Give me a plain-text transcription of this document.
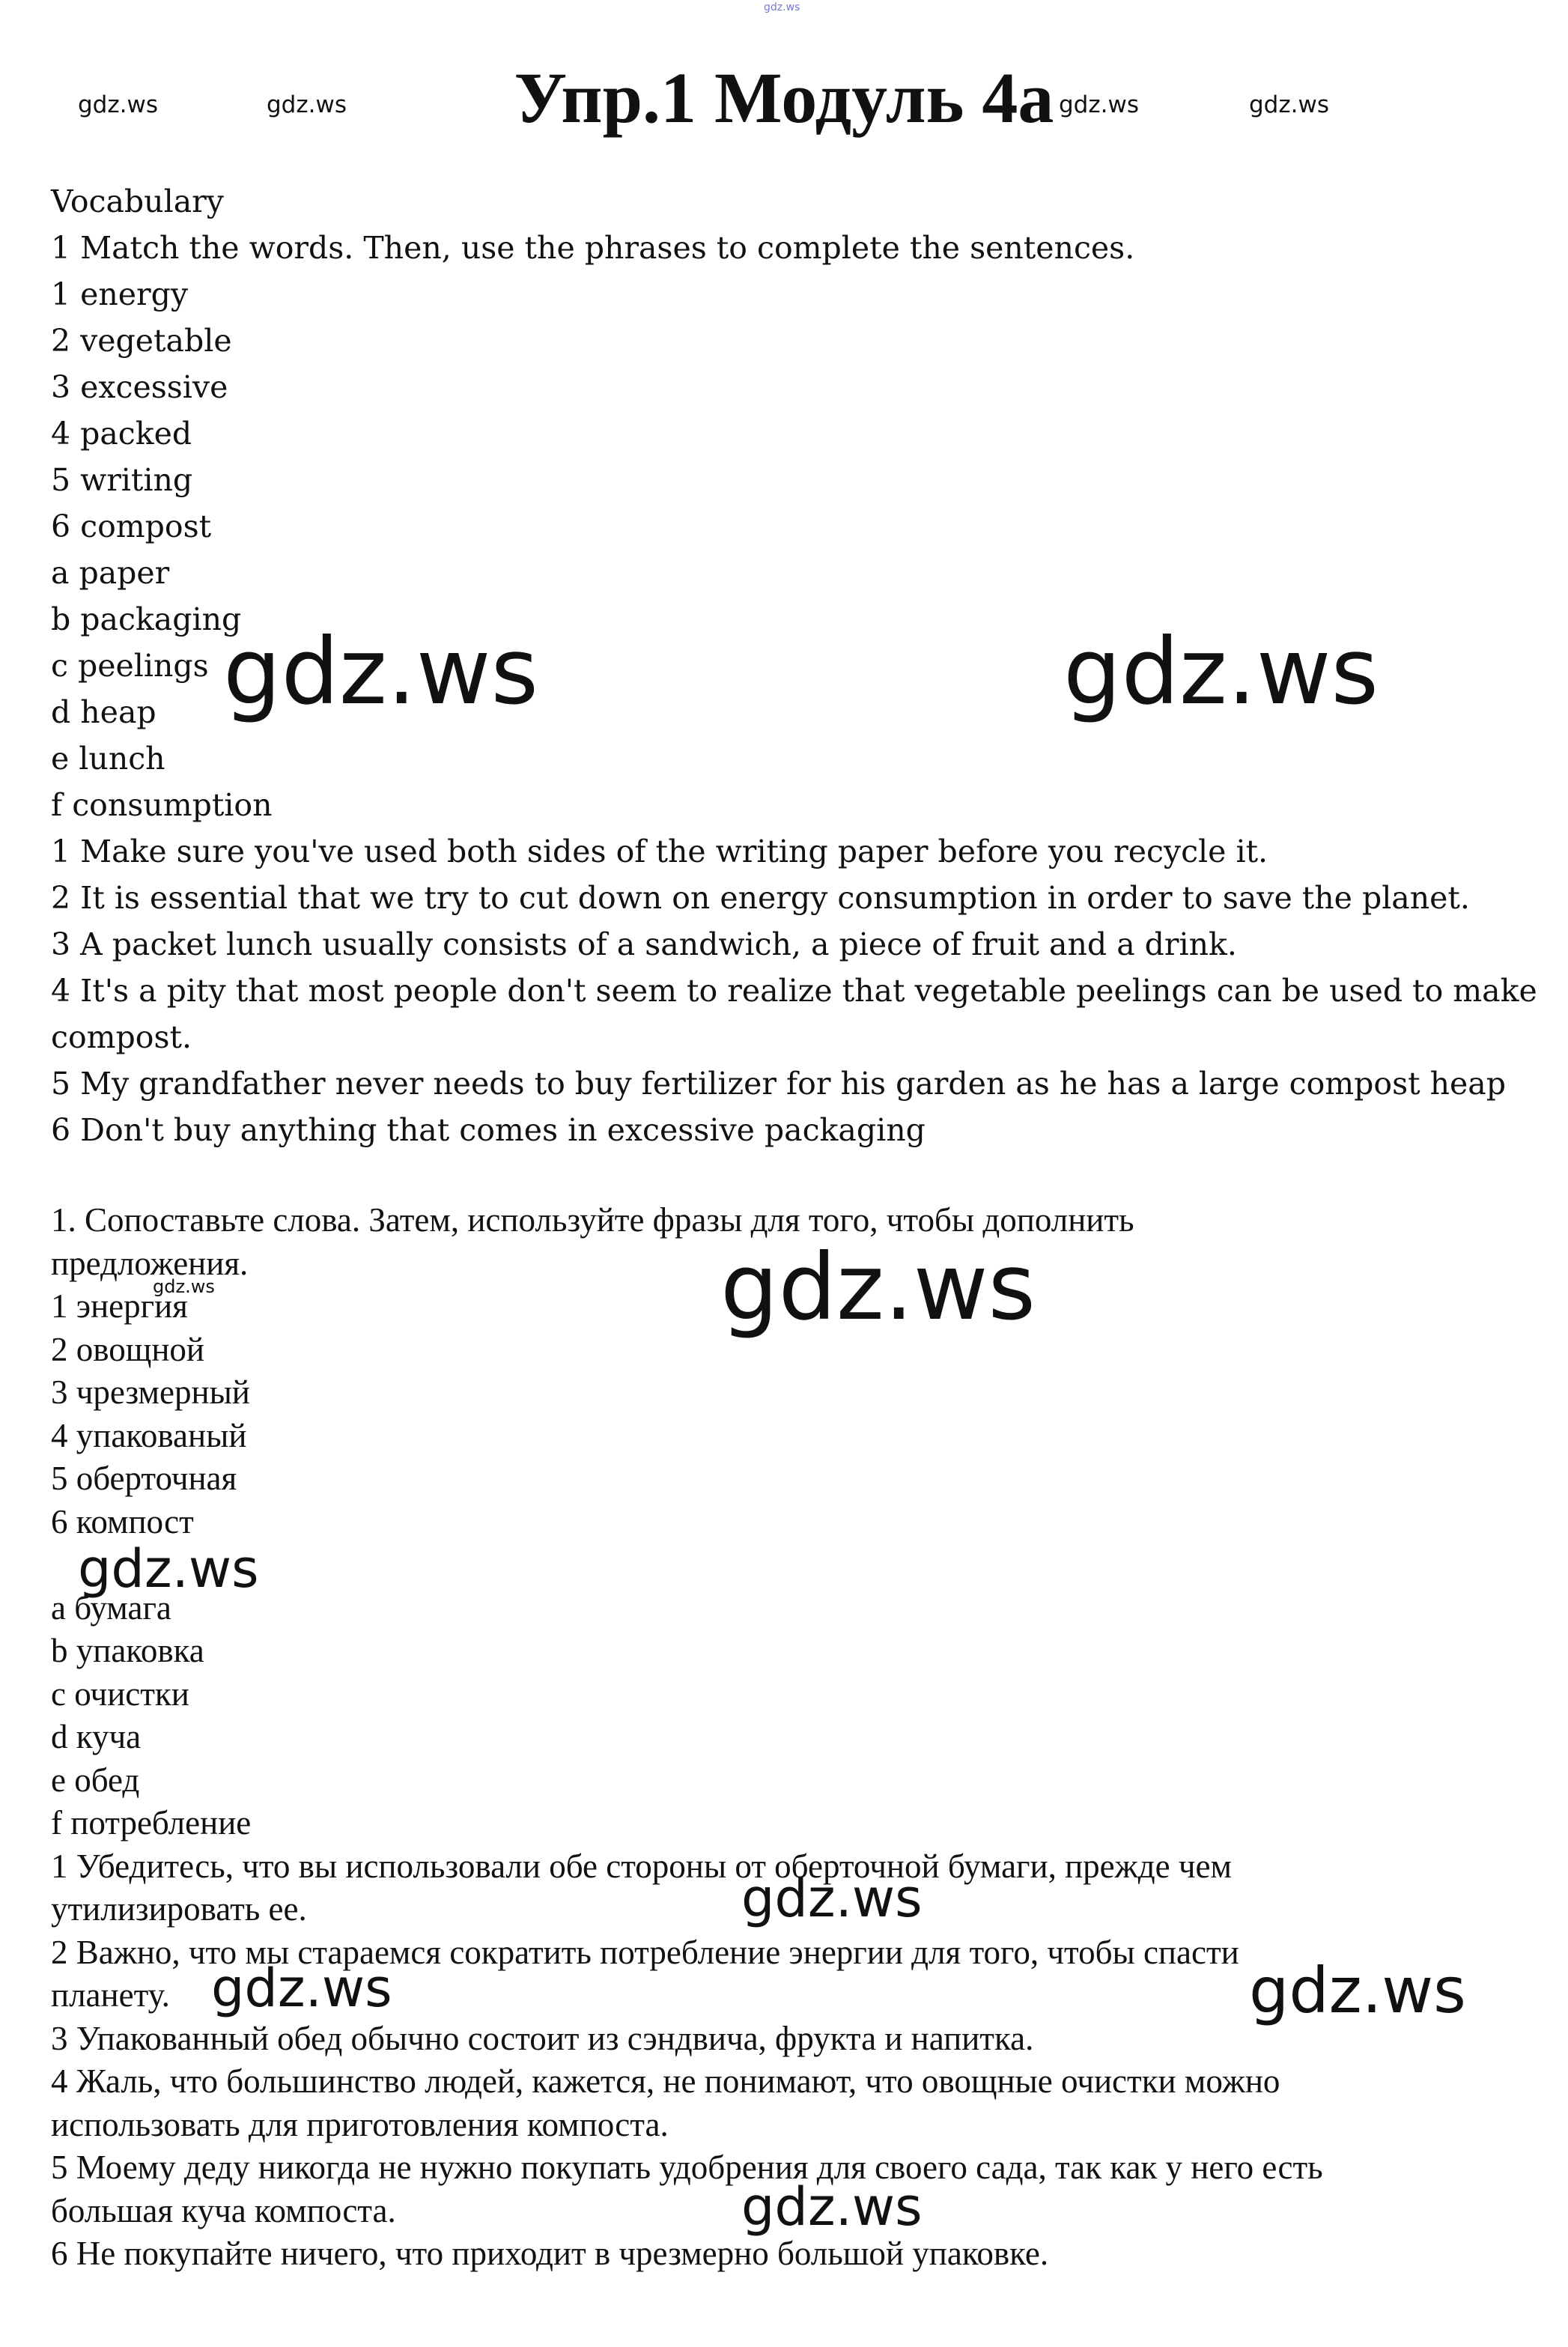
gdz.ws
gdz.ws	gdz.ws	gdz.ws	gdz.ws
Упр.1 Модуль 4а
Vocabulary
1 Match the words. Then, use the phrases to complete the sentences.
1 energy
2 vegetable
3 excessive
4 packed
5 writing
6 compost
a paper
b packaging
c peelings
d heap
e lunch
f consumption
1 Make sure you've used both sides of the writing paper before you recycle it.
2 It is essential that we try to cut down on energy consumption in order to save the planet.
3 A packet lunch usually consists of a sandwich, a piece of fruit and a drink.
4 It's a pity that most people don't seem to realize that vegetable peelings can be used to make
compost.
5 My grandfather never needs to buy fertilizer for his garden as he has a large compost heap
6 Don't buy anything that comes in excessive packaging
1. Сопоставьте слова. Затем, используйте фразы для того, чтобы дополнить
предложения.
1 энергия
2 овощной
3 чрезмерный
4 упакованый
5 оберточная
6 компост
a бумага
b упаковка
c очистки
d куча
e обед
f потребление
1 Убедитесь, что вы использовали обе стороны от оберточной бумаги, прежде чем
утилизировать ее.
2 Важно, что мы стараемся сократить потребление энергии для того, чтобы спасти
планету.
3 Упакованный обед обычно состоит из сэндвича, фрукта и напитка.
4 Жаль, что большинство людей, кажется, не понимают, что овощные очистки можно
использовать для приготовления компоста.
5 Моему деду никогда не нужно покупать удобрения для своего сада, так как у него есть
большая куча компоста.
6 Не покупайте ничего, что приходит в чрезмерно большой упаковке.
gdz.ws	gdz.ws
gdz.ws
gdz.ws
gdz.ws
gdz.ws
gdz.ws	gdz.ws
gdz.ws
